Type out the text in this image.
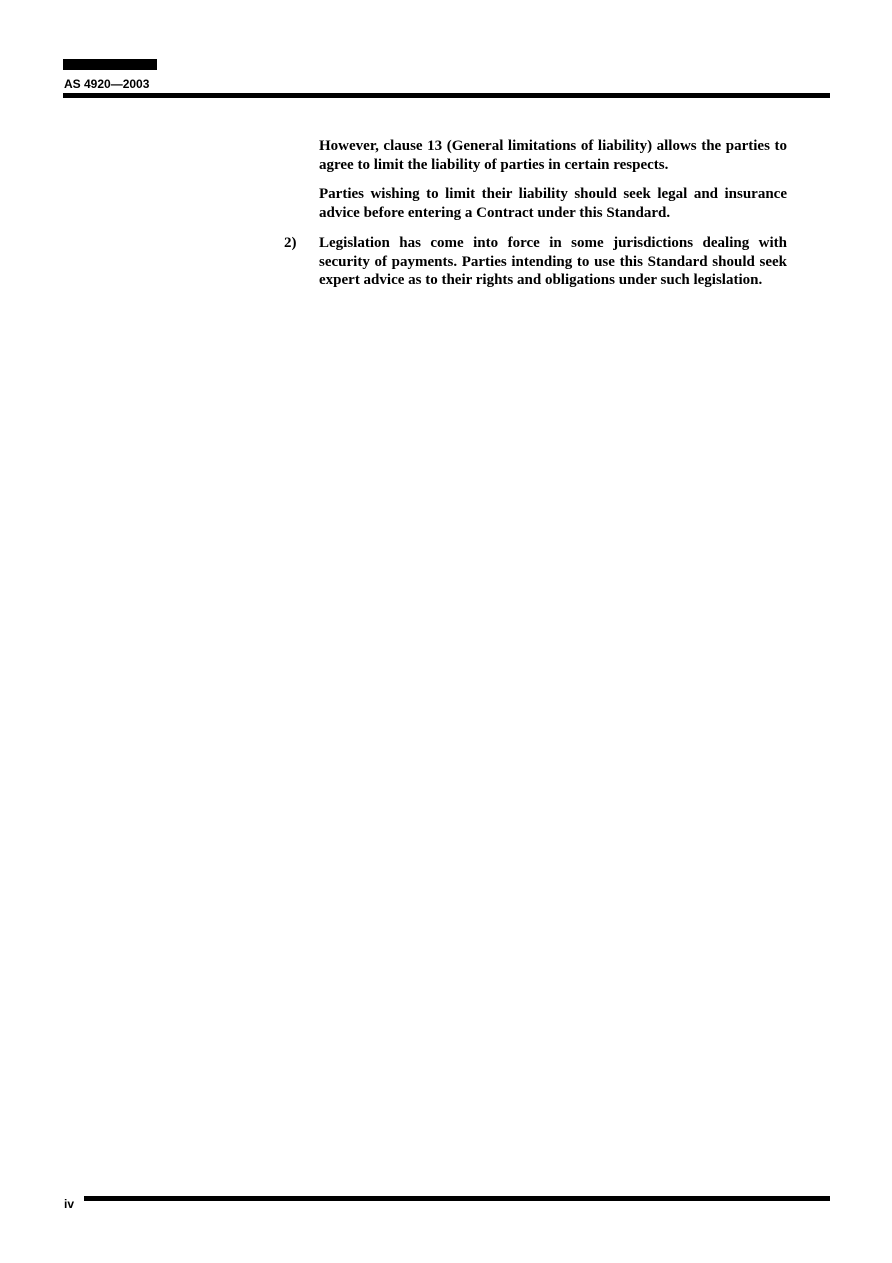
AS 4920—2003

However, clause 13 (General limitations of liability) allows the parties to agree to limit the liability of parties in certain respects.

Parties wishing to limit their liability should seek legal and insurance advice before entering a Contract under this Standard.

2) Legislation has come into force in some jurisdictions dealing with security of payments. Parties intending to use this Standard should seek expert advice as to their rights and obligations under such legislation.

iv
